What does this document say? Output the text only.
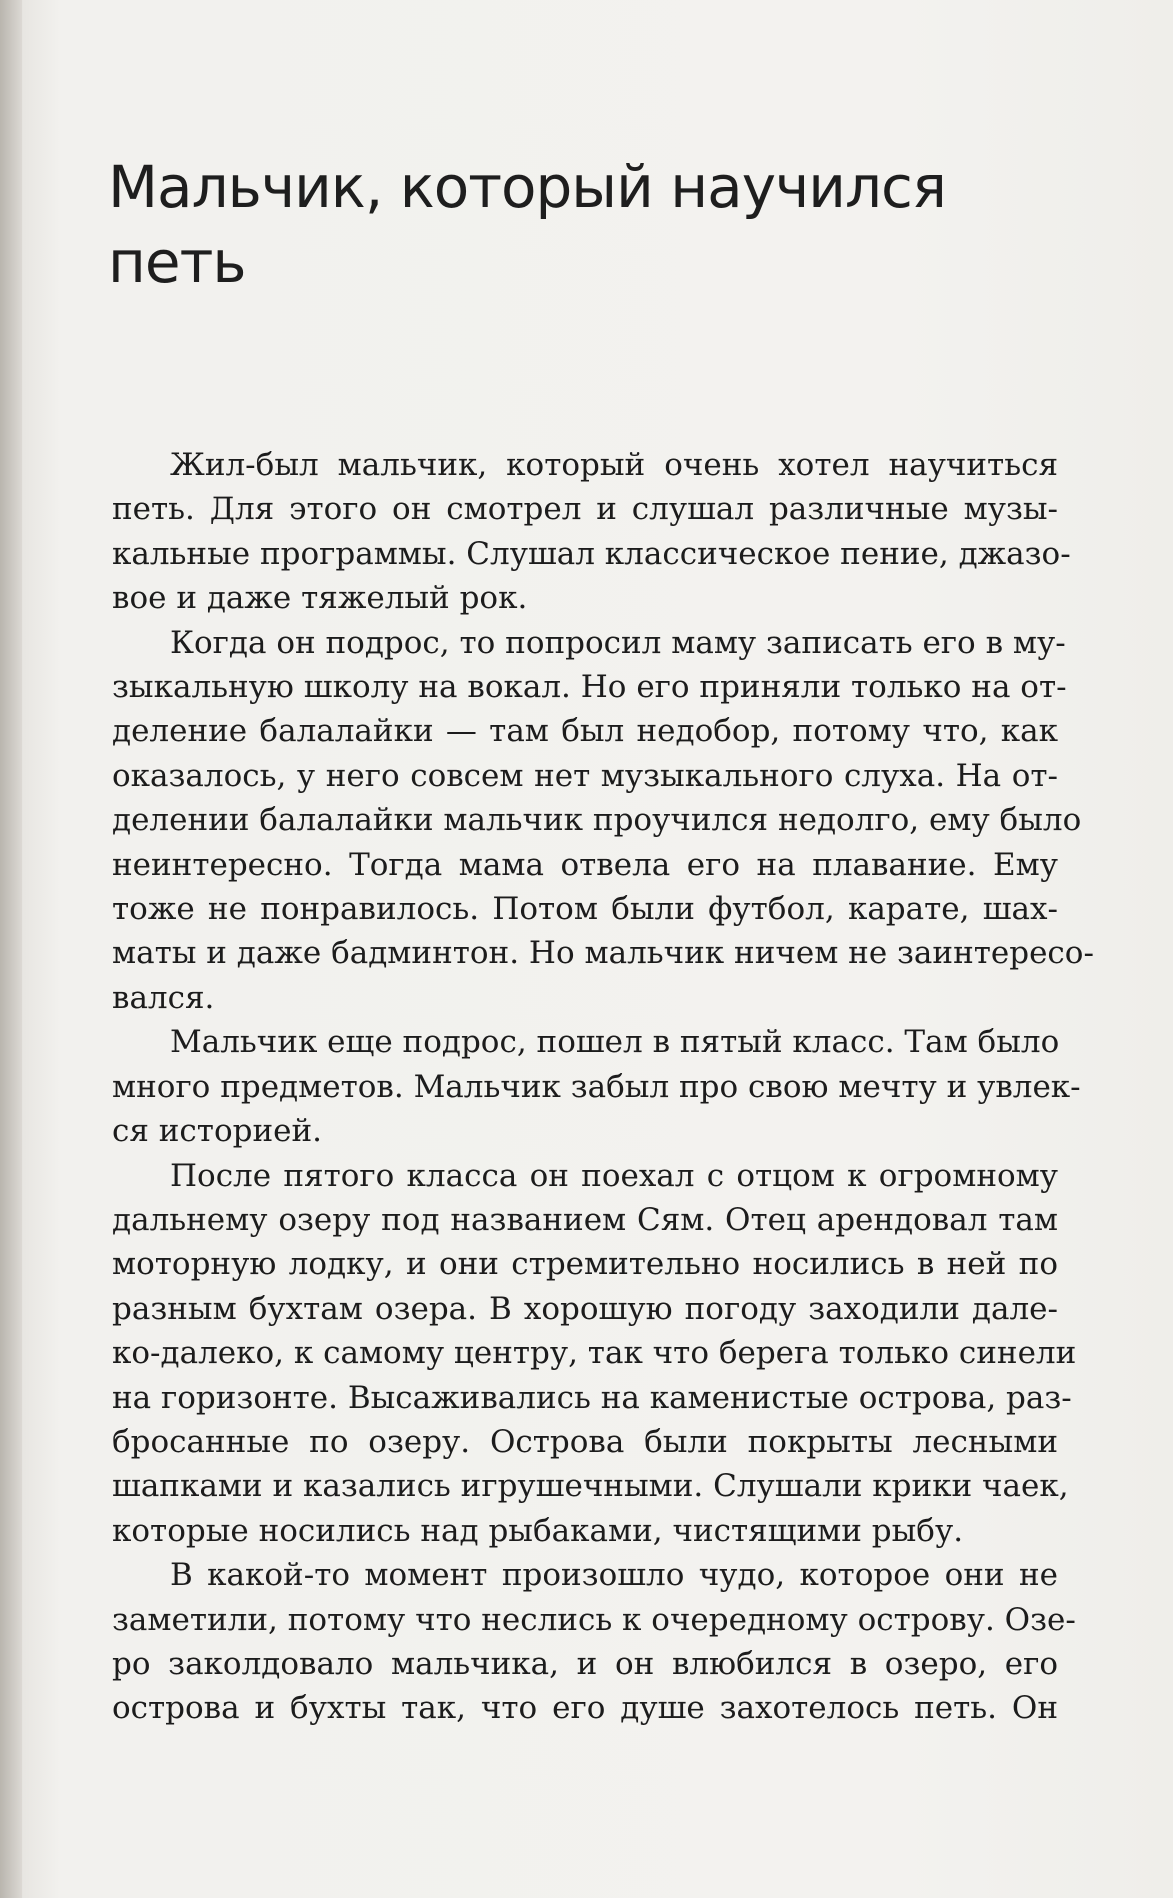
Мальчик, который научился
петь
Жил-был мальчик, который очень хотел научиться
петь. Для этого он смотрел и слушал различные музы-
кальные программы. Слушал классическое пение, джазо-
вое и даже тяжелый рок.
Когда он подрос, то попросил маму записать его в му-
зыкальную школу на вокал. Но его приняли только на от-
деление балалайки — там был недобор, потому что, как
оказалось, у него совсем нет музыкального слуха. На от-
делении балалайки мальчик проучился недолго, ему было
неинтересно. Тогда мама отвела его на плавание. Ему
тоже не понравилось. Потом были футбол, карате, шах-
маты и даже бадминтон. Но мальчик ничем не заинтересо-
вался.
Мальчик еще подрос, пошел в пятый класс. Там было
много предметов. Мальчик забыл про свою мечту и увлек-
ся историей.
После пятого класса он поехал с отцом к огромному
дальнему озеру под названием Сям. Отец арендовал там
моторную лодку, и они стремительно носились в ней по
разным бухтам озера. В хорошую погоду заходили дале-
ко-далеко, к самому центру, так что берега только синели
на горизонте. Высаживались на каменистые острова, раз-
бросанные по озеру. Острова были покрыты лесными
шапками и казались игрушечными. Слушали крики чаек,
которые носились над рыбаками, чистящими рыбу.
В какой-то момент произошло чудо, которое они не
заметили, потому что неслись к очередному острову. Озе-
ро заколдовало мальчика, и он влюбился в озеро, его
острова и бухты так, что его душе захотелось петь. Он
